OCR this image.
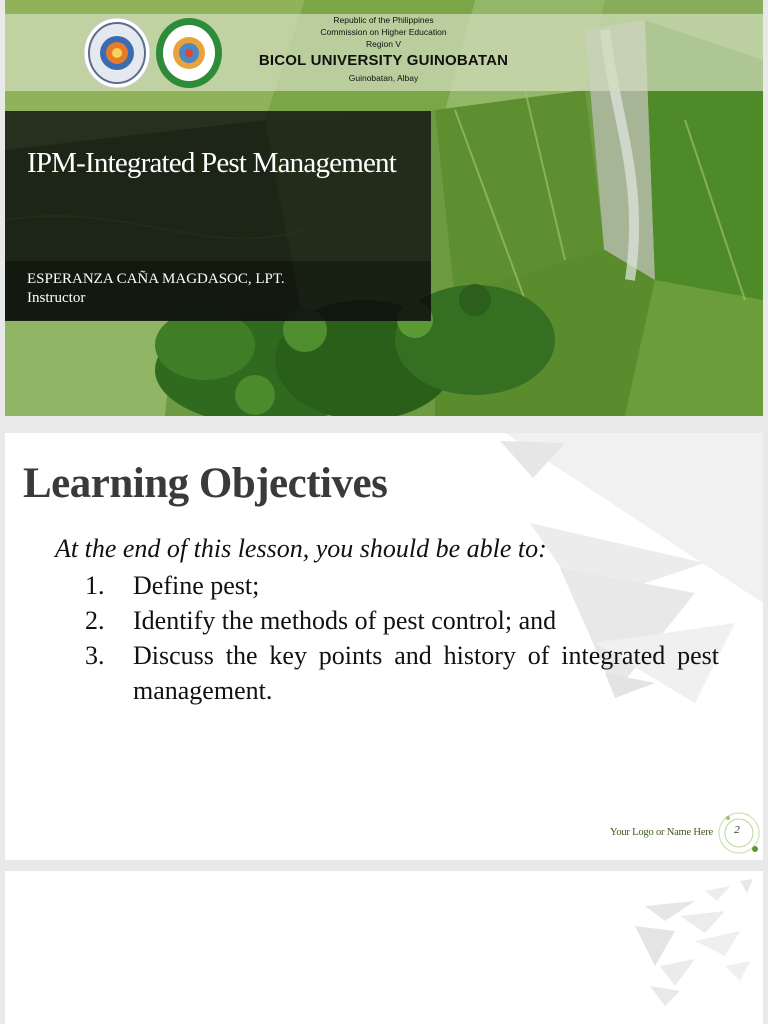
Republic of the Philippines
Commission on Higher Education
Region V
BICOL UNIVERSITY GUINOBATAN
Guinobatan, Albay
IPM-Integrated Pest Management
ESPERANZA CAÑA MAGDASOC, LPT.
Instructor
Learning Objectives
At the end of this lesson, you should be able to:
1.	Define pest;
2.	Identify the methods of pest control; and
3.	Discuss the key points and history of integrated pest management.
Your Logo or Name Here	2
